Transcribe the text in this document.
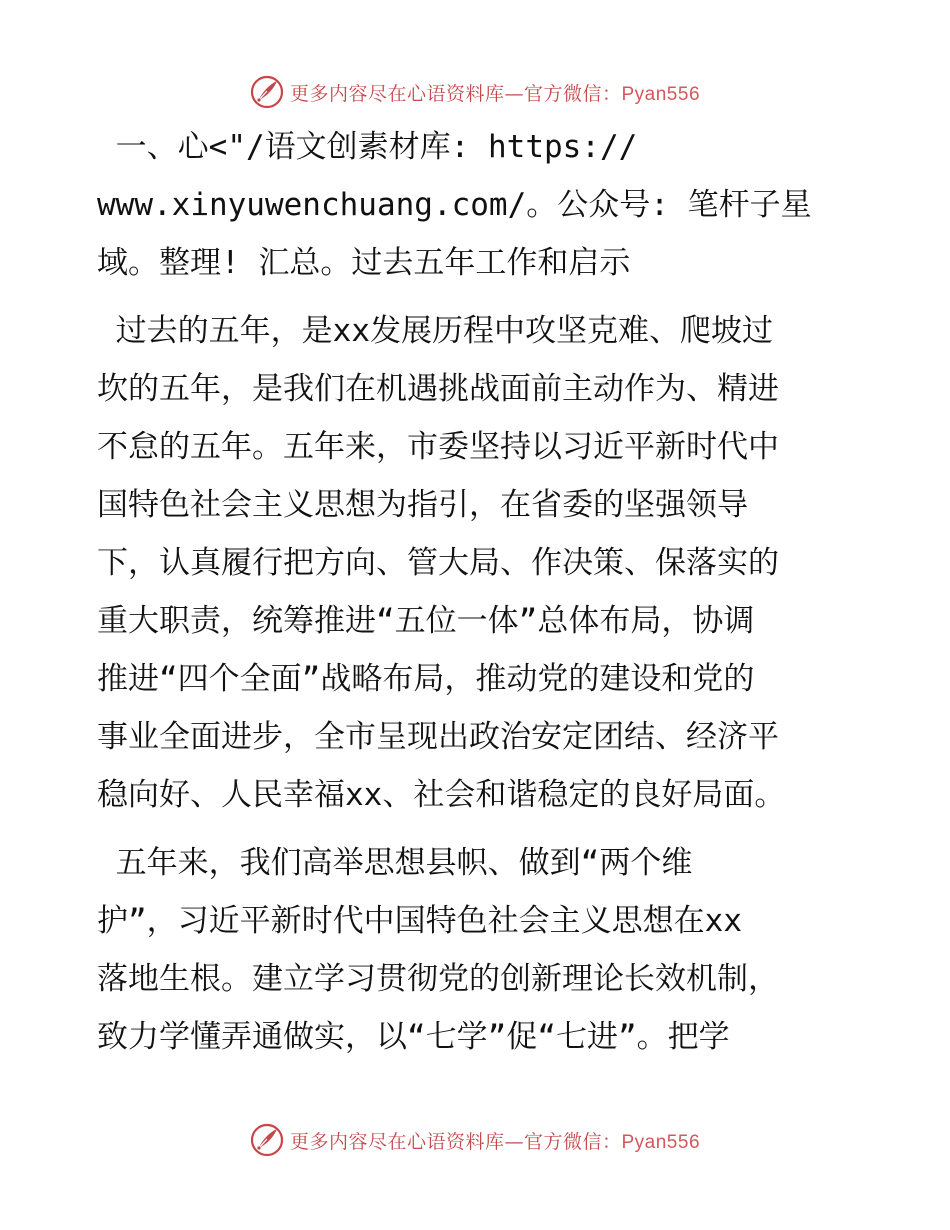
更多内容尽在心语资料库—官方微信：Pyan556

一、心<"/语文创素材库: https://
www.xinyuwenchuang.com/。公众号: 笔杆子星
域。整理! 汇总。过去五年工作和启示

过去的五年，是xx发展历程中攻坚克难、爬坡过
坎的五年，是我们在机遇挑战面前主动作为、精进
不怠的五年。五年来，市委坚持以习近平新时代中
国特色社会主义思想为指引，在省委的坚强领导
下，认真履行把方向、管大局、作决策、保落实的
重大职责，统筹推进“五位一体”总体布局，协调
推进“四个全面”战略布局，推动党的建设和党的
事业全面进步，全市呈现出政治安定团结、经济平
稳向好、人民幸福xx、社会和谐稳定的良好局面。

五年来，我们高举思想县帜、做到“两个维
护”，习近平新时代中国特色社会主义思想在xx
落地生根。建立学习贯彻党的创新理论长效机制，
致力学懂弄通做实，以“七学”促“七进”。把学

更多内容尽在心语资料库—官方微信：Pyan556
